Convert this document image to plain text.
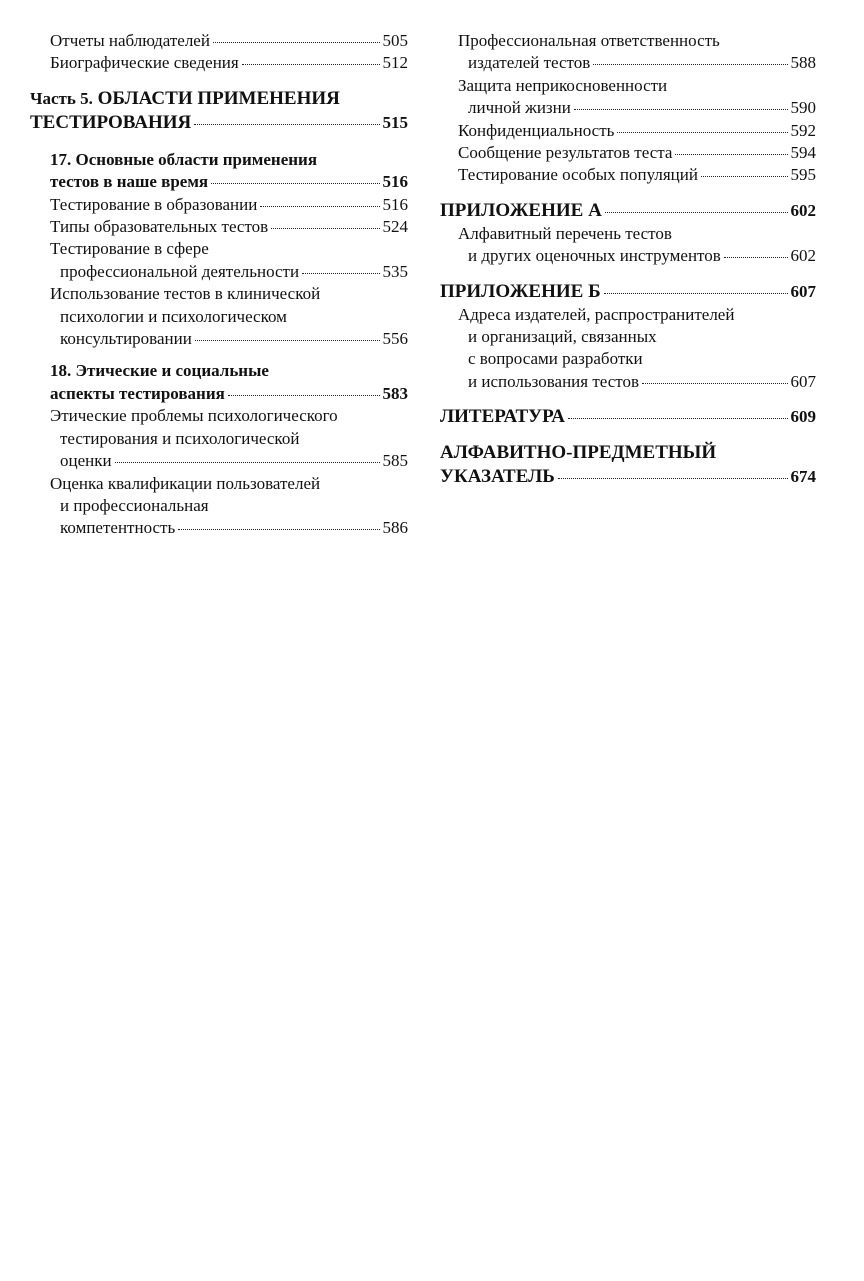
Отчеты наблюдателей	505
Биографические сведения	512
Часть 5. ОБЛАСТИ ПРИМЕНЕНИЯ
ТЕСТИРОВАНИЯ	515
17. Основные области применения
тестов в наше время	516
Тестирование в образовании	516
Типы образовательных тестов	524
Тестирование в сфере
профессиональной деятельности	535
Использование тестов в клинической
психологии и психологическом
консультировании	556
18. Этические и социальные
аспекты тестирования	583
Этические проблемы психологического
тестирования и психологической
оценки	585
Оценка квалификации пользователей
и профессиональная
компетентность	586
Профессиональная ответственность
издателей тестов	588
Защита неприкосновенности
личной жизни	590
Конфиденциальность	592
Сообщение результатов теста	594
Тестирование особых популяций	595
ПРИЛОЖЕНИЕ А	602
Алфавитный перечень тестов
и других оценочных инструментов	602
ПРИЛОЖЕНИЕ Б	607
Адреса издателей, распространителей
и организаций, связанных
с вопросами разработки
и использования тестов	607
ЛИТЕРАТУРА	609
АЛФАВИТНО-ПРЕДМЕТНЫЙ
УКАЗАТЕЛЬ	674
